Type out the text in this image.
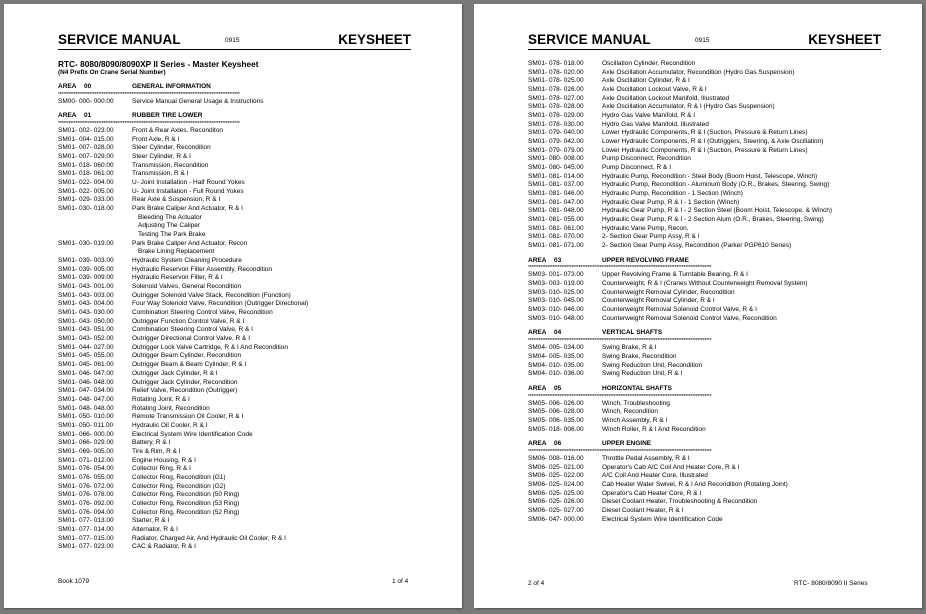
SERVICE MANUAL	0915	KEYSHEET
RTC- 8080/8090/8090XP II Series - Master Keysheet
(N4 Prefix On Crane Serial Number)
AREA 00	GENERAL INFORMATION
********************************************************************************************************
SM00- 000- 000.00	Service Manual General Usage & Instructions
AREA 01	RUBBER TIRE LOWER
********************************************************************************************************
SM01- 002- 023.00	Front & Rear Axles, Reconditon
SM01- 004- 015.00	Front Axle, R & I
SM01- 007- 028.00	Steer Cylinder, Recondition
SM01- 007- 029.00	Steer Cylinder, R & I
SM01- 018- 060.00	Transmission, Recondition
SM01- 018- 061.00	Transmission, R & I
SM01- 022- 004.00	U- Joint Installation - Half Round Yokes
SM01- 022- 005.00	U- Joint Installation - Full Round Yokes
SM01- 029- 033.00	Rear Axle & Suspension, R & I
SM01- 030- 018.00	Park Brake Caliper And Actuator, R & I
Bleeding The Actuator
Adjusting The Caliper
Testing The Park Brake
SM01- 030- 019.00	Park Brake Caliper And Actuator, Recon
Brake Lining Replacement
SM01- 039- 003.00	Hydraulic System Cleaning Procedure
SM01- 039- 005.00	Hydraulic Reservoir Filter Assembly, Recondition
SM01- 039- 009.00	Hydraulic Reservoir Filter, R & I
SM01- 043- 001.00	Solenoid Valves, General Recondition
SM01- 043- 003.00	Outrigger Solenoid Valve Stack, Recondition (Function)
SM01- 043- 004.00	Four Way Solenoid Valve, Recondition (Outrigger Directional)
SM01- 043- 030.00	Combination Steering Control Valve, Recondition
SM01- 043- 050.00	Outrigger Function Control Valve, R & I
SM01- 043- 051.00	Combination Steering Control Valve, R & I
SM01- 043- 052.00	Outrigger Directional Control Valve, R & I
SM01- 044- 027.00	Outrigger Lock Valve Cartridge, R & I And Recondition
SM01- 045- 055.00	Outrigger Beam Cylinder, Recondition
SM01- 045- 061.00	Outrigger Beam & Beam Cylinder, R & I
SM01- 046- 047.00	Outrigger Jack Cylinder, R & I
SM01- 046- 048.00	Outrigger Jack Cylinder, Recondition
SM01- 047- 034.00	Relief Valve, Recondition (Outrigger)
SM01- 048- 047.00	Rotating Joint, R & I
SM01- 048- 048.00	Rotating Joint, Recondition
SM01- 050- 010.00	Remote Transmission Oil Cooler, R & I
SM01- 050- 011.00	Hydraulic Oil Cooler, R & I
SM01- 066- 000.00	Electrical System Wire Identification Code
SM01- 066- 029.00	Battery, R & I
SM01- 069- 005.00	Tire & Rim, R & I
SM01- 071- 012.00	Engine Housing, R & I
SM01- 076- 054.00	Collector Ring, R & I
SM01- 076- 055.00	Collector Ring, Recondition (G1)
SM01- 076- 072.00	Collector Ring, Recondition (G2)
SM01- 076- 078.00	Collector Ring, Recondition (50 Ring)
SM01- 076- 092.00	Collector Ring, Recondition (53 Ring)
SM01- 076- 094.00	Collector Ring, Recondition (52 Ring)
SM01- 077- 013.00	Starter, R & I
SM01- 077- 014.00	Alternator, R & I
SM01- 077- 015.00	Radiator, Charged Air, And Hydraulic Oil Cooler, R & I
SM01- 077- 023.00	CAC & Radiator, R & I
Book 1079	1 of 4
SERVICE MANUAL	0915	KEYSHEET
SM01- 078- 018.00	Oscillation Cylinder, Recondition
SM01- 078- 020.00	Axle Oscillation Accumulator, Recondition (Hydro Gas Suspension)
SM01- 078- 025.00	Axle Oscillation Cylinder, R & I
SM01- 078- 026.00	Axle Oscillation Lockout Valve, R & I
SM01- 078- 027.00	Axle Oscillation Lockout Manifold, Illustrated
SM01- 078- 028.00	Axle Oscillation Accumulator, R & I (Hydro Gas Suspension)
SM01- 078- 029.00	Hydro Gas Valve Manifold, R & I
SM01- 078- 030.00	Hydro Gas Valve Manifold, Illustrated
SM01- 079- 040.00	Lower Hydraulic Components, R & I (Suction, Pressure & Return Lines)
SM01- 079- 042.00	Lower Hydraulic Components, R & I (Outriggers, Steering, & Axle Oscillation)
SM01- 079- 079.00	Lower Hydraulic Components, R & I (Suction, Pressure & Return Lines)
SM01- 080- 008.00	Pump Disconnect, Recondition
SM01- 080- 045.00	Pump Disconnect, R & I
SM01- 081- 014.00	Hydraulic Pump, Recondition - Steel Body (Boom Hoist, Telescope, Winch)
SM01- 081- 037.00	Hydraulic Pump, Recondition - Aluminum Body (O.R., Brakes, Steering, Swing)
SM01- 081- 046.00	Hydraulic Pump, Recondition - 1 Section (Winch)
SM01- 081- 047.00	Hydraulic Gear Pump, R & I - 1 Section (Winch)
SM01- 081- 048.00	Hydraulic Gear Pump, R & I - 2 Section Steel (Boom Hoist, Telescope, & Winch)
SM01- 081- 055.00	Hydraulic Gear Pump, R & I - 2 Section Alum (O.R., Brakes, Steering, Swing)
SM01- 081- 061.00	Hydraulic Vane Pump, Recon.
SM01- 081- 070.00	2- Section Gear Pump Assy, R & I
SM01- 081- 071.00	2- Section Gear Pump Assy, Recondition (Parker PGP610 Series)
AREA 03	UPPER REVOLVING FRAME
*********************************************************************************************************
SM03- 001- 073.00	Upper Revolving Frame & Turntable Bearing, R & I
SM03- 003- 019.00	Counterweight, R & I (Cranes Without Counterweight Removal System)
SM03- 010- 025.00	Counterweight Removal Cylinder, Recondition
SM03- 010- 045.00	Counterweight Removal Cylinder, R & I
SM03- 010- 046.00	Counterweight Removal Solenoid Control Valve, R & I
SM03- 010- 048.00	Counterweight Removal Solenoid Control Valve, Recondition
AREA 04	VERTICAL SHAFTS
*********************************************************************************************************
SM04- 005- 034.00	Swing Brake, R & I
SM04- 005- 035.00	Swing Brake, Recondition
SM04- 010- 035.00	Swing Reduction Unit, Recondition
SM04- 010- 036.00	Swing Reduction Unit, R & I
AREA 05	HORIZONTAL SHAFTS
*********************************************************************************************************
SM05- 006- 026.00	Winch, Troubleshooting
SM05- 006- 028.00	Winch, Recondition
SM05- 006- 035.00	Winch Assembly, R & I
SM05- 018- 006.00	Winch Roller, R & I And Recondition
AREA 06	UPPER ENGINE
*********************************************************************************************************
SM06- 008- 016.00	Throttle Pedal Assembly, R & I
SM06- 025- 021.00	Operator's Cab A/C Coil And Heater Core, R & I
SM06- 025- 022.00	A/C Coil And Heater Core, Illustrated
SM06- 025- 024.00	Cab Heater Water Swivel, R & I And Recondition (Rotating Joint)
SM06- 025- 025.00	Operator's Cab Heater Core, R & I
SM06- 025- 026.00	Diesel Coolant Heater, Troubleshooting & Recondition
SM06- 025- 027.00	Diesel Coolant Heater, R & I
SM06- 047- 000.00	Electrical System Wire Identification Code
2 of 4	RTC- 8080/8090 II Series
